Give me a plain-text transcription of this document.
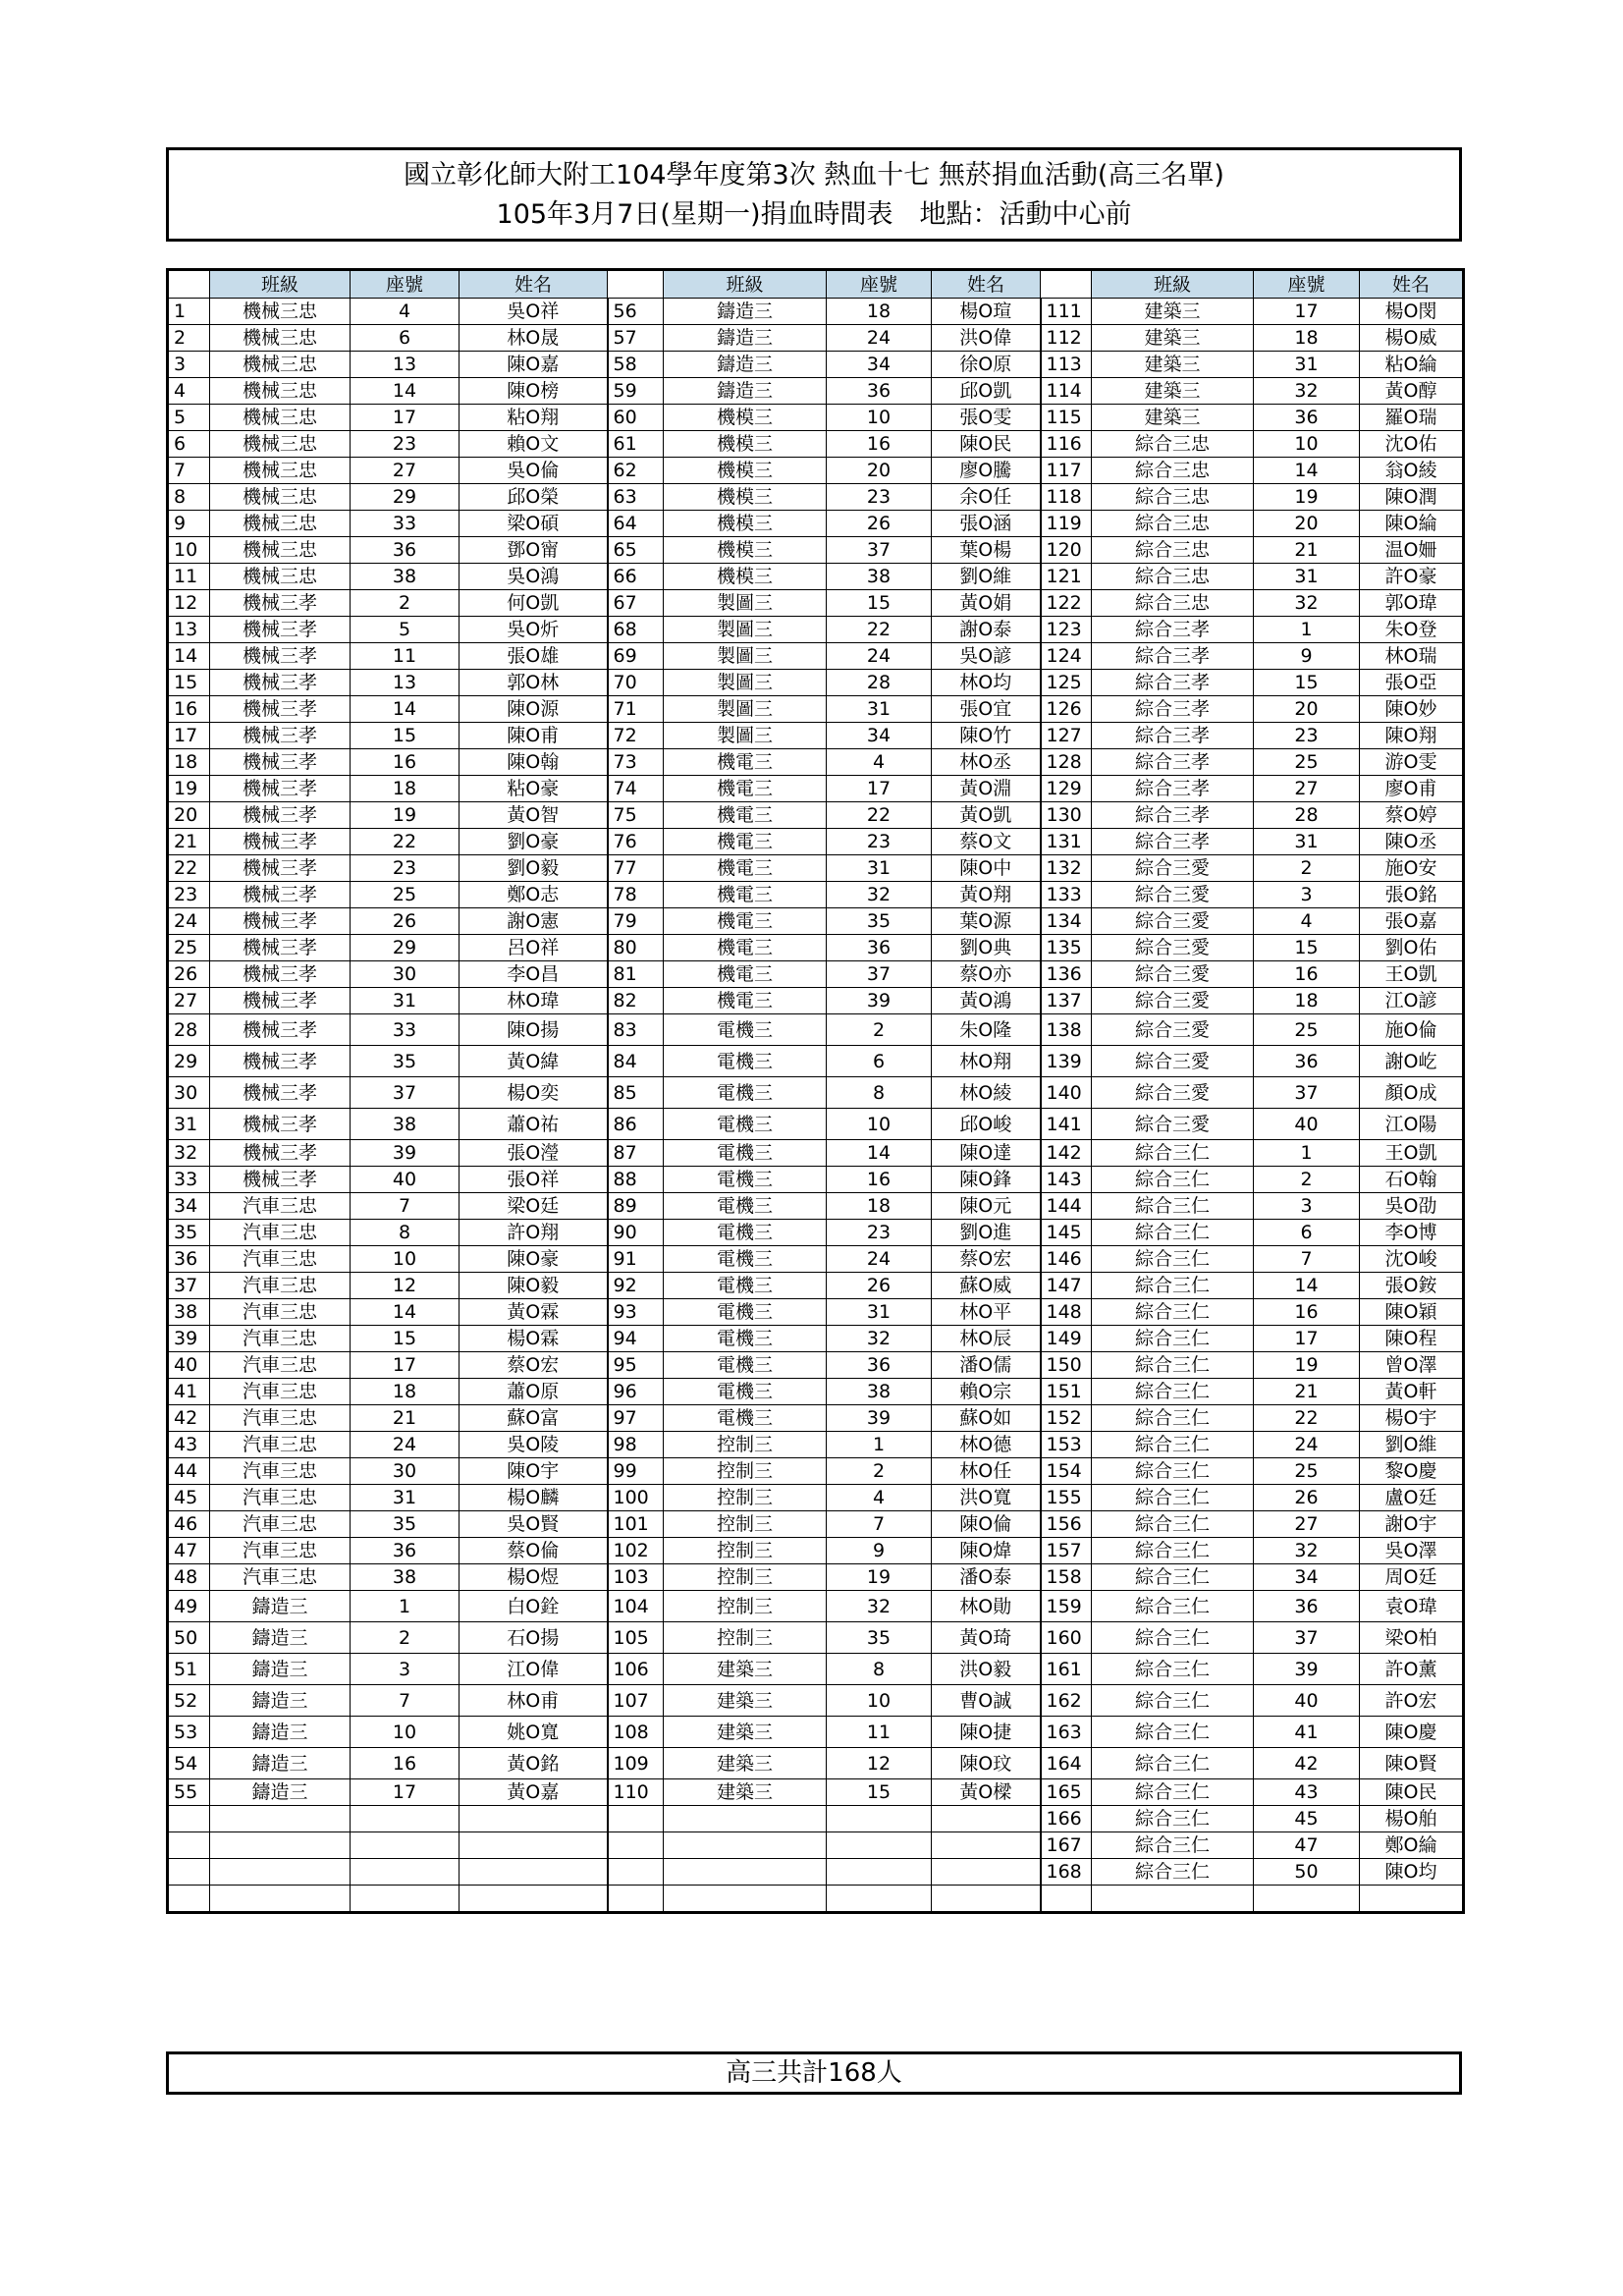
國立彰化師大附工104學年度第3次 熱血十七 無菸捐血活動(高三名單)
105年3月7日(星期一)捐血時間表　地點：活動中心前
	班級	座號	姓名		班級	座號	姓名		班級	座號	姓名
1	機械三忠	4	吳O祥	56	鑄造三	18	楊O瑄	111	建築三	17	楊O閔
2	機械三忠	6	林O晟	57	鑄造三	24	洪O偉	112	建築三	18	楊O威
3	機械三忠	13	陳O嘉	58	鑄造三	34	徐O原	113	建築三	31	粘O綸
4	機械三忠	14	陳O榜	59	鑄造三	36	邱O凱	114	建築三	32	黃O醇
5	機械三忠	17	粘O翔	60	機模三	10	張O雯	115	建築三	36	羅O瑞
6	機械三忠	23	賴O文	61	機模三	16	陳O民	116	綜合三忠	10	沈O佑
7	機械三忠	27	吳O倫	62	機模三	20	廖O騰	117	綜合三忠	14	翁O綾
8	機械三忠	29	邱O榮	63	機模三	23	余O任	118	綜合三忠	19	陳O潤
9	機械三忠	33	梁O碩	64	機模三	26	張O涵	119	綜合三忠	20	陳O綸
10	機械三忠	36	鄧O甯	65	機模三	37	葉O楊	120	綜合三忠	21	温O姍
11	機械三忠	38	吳O鴻	66	機模三	38	劉O維	121	綜合三忠	31	許O豪
12	機械三孝	2	何O凱	67	製圖三	15	黃O娟	122	綜合三忠	32	郭O瑋
13	機械三孝	5	吳O炘	68	製圖三	22	謝O泰	123	綜合三孝	1	朱O登
14	機械三孝	11	張O雄	69	製圖三	24	吳O諺	124	綜合三孝	9	林O瑞
15	機械三孝	13	郭O林	70	製圖三	28	林O均	125	綜合三孝	15	張O亞
16	機械三孝	14	陳O源	71	製圖三	31	張O宜	126	綜合三孝	20	陳O妙
17	機械三孝	15	陳O甫	72	製圖三	34	陳O竹	127	綜合三孝	23	陳O翔
18	機械三孝	16	陳O翰	73	機電三	4	林O丞	128	綜合三孝	25	游O雯
19	機械三孝	18	粘O豪	74	機電三	17	黃O淵	129	綜合三孝	27	廖O甫
20	機械三孝	19	黃O智	75	機電三	22	黃O凱	130	綜合三孝	28	蔡O婷
21	機械三孝	22	劉O豪	76	機電三	23	蔡O文	131	綜合三孝	31	陳O丞
22	機械三孝	23	劉O毅	77	機電三	31	陳O中	132	綜合三愛	2	施O安
23	機械三孝	25	鄭O志	78	機電三	32	黃O翔	133	綜合三愛	3	張O銘
24	機械三孝	26	謝O憲	79	機電三	35	葉O源	134	綜合三愛	4	張O嘉
25	機械三孝	29	呂O祥	80	機電三	36	劉O典	135	綜合三愛	15	劉O佑
26	機械三孝	30	李O昌	81	機電三	37	蔡O亦	136	綜合三愛	16	王O凱
27	機械三孝	31	林O瑋	82	機電三	39	黃O鴻	137	綜合三愛	18	江O諺
28	機械三孝	33	陳O揚	83	電機三	2	朱O隆	138	綜合三愛	25	施O倫
29	機械三孝	35	黃O緯	84	電機三	6	林O翔	139	綜合三愛	36	謝O屹
30	機械三孝	37	楊O奕	85	電機三	8	林O綾	140	綜合三愛	37	顏O成
31	機械三孝	38	蕭O祐	86	電機三	10	邱O峻	141	綜合三愛	40	江O陽
32	機械三孝	39	張O瀅	87	電機三	14	陳O達	142	綜合三仁	1	王O凱
33	機械三孝	40	張O祥	88	電機三	16	陳O鋒	143	綜合三仁	2	石O翰
34	汽車三忠	7	梁O廷	89	電機三	18	陳O元	144	綜合三仁	3	吳O劭
35	汽車三忠	8	許O翔	90	電機三	23	劉O進	145	綜合三仁	6	李O博
36	汽車三忠	10	陳O豪	91	電機三	24	蔡O宏	146	綜合三仁	7	沈O峻
37	汽車三忠	12	陳O毅	92	電機三	26	蘇O威	147	綜合三仁	14	張O銨
38	汽車三忠	14	黃O霖	93	電機三	31	林O平	148	綜合三仁	16	陳O穎
39	汽車三忠	15	楊O霖	94	電機三	32	林O辰	149	綜合三仁	17	陳O程
40	汽車三忠	17	蔡O宏	95	電機三	36	潘O儒	150	綜合三仁	19	曾O澤
41	汽車三忠	18	蕭O原	96	電機三	38	賴O宗	151	綜合三仁	21	黃O軒
42	汽車三忠	21	蘇O富	97	電機三	39	蘇O如	152	綜合三仁	22	楊O宇
43	汽車三忠	24	吳O陵	98	控制三	1	林O德	153	綜合三仁	24	劉O維
44	汽車三忠	30	陳O宇	99	控制三	2	林O任	154	綜合三仁	25	黎O慶
45	汽車三忠	31	楊O麟	100	控制三	4	洪O寬	155	綜合三仁	26	盧O廷
46	汽車三忠	35	吳O賢	101	控制三	7	陳O倫	156	綜合三仁	27	謝O宇
47	汽車三忠	36	蔡O倫	102	控制三	9	陳O煒	157	綜合三仁	32	吳O澤
48	汽車三忠	38	楊O煜	103	控制三	19	潘O泰	158	綜合三仁	34	周O廷
49	鑄造三	1	白O銓	104	控制三	32	林O勛	159	綜合三仁	36	袁O瑋
50	鑄造三	2	石O揚	105	控制三	35	黃O琦	160	綜合三仁	37	梁O柏
51	鑄造三	3	江O偉	106	建築三	8	洪O毅	161	綜合三仁	39	許O薰
52	鑄造三	7	林O甫	107	建築三	10	曹O誠	162	綜合三仁	40	許O宏
53	鑄造三	10	姚O寬	108	建築三	11	陳O捷	163	綜合三仁	41	陳O慶
54	鑄造三	16	黃O銘	109	建築三	12	陳O玟	164	綜合三仁	42	陳O賢
55	鑄造三	17	黃O嘉	110	建築三	15	黃O樑	165	綜合三仁	43	陳O民
								166	綜合三仁	45	楊O舶
								167	綜合三仁	47	鄭O綸
								168	綜合三仁	50	陳O均

高三共計168人
